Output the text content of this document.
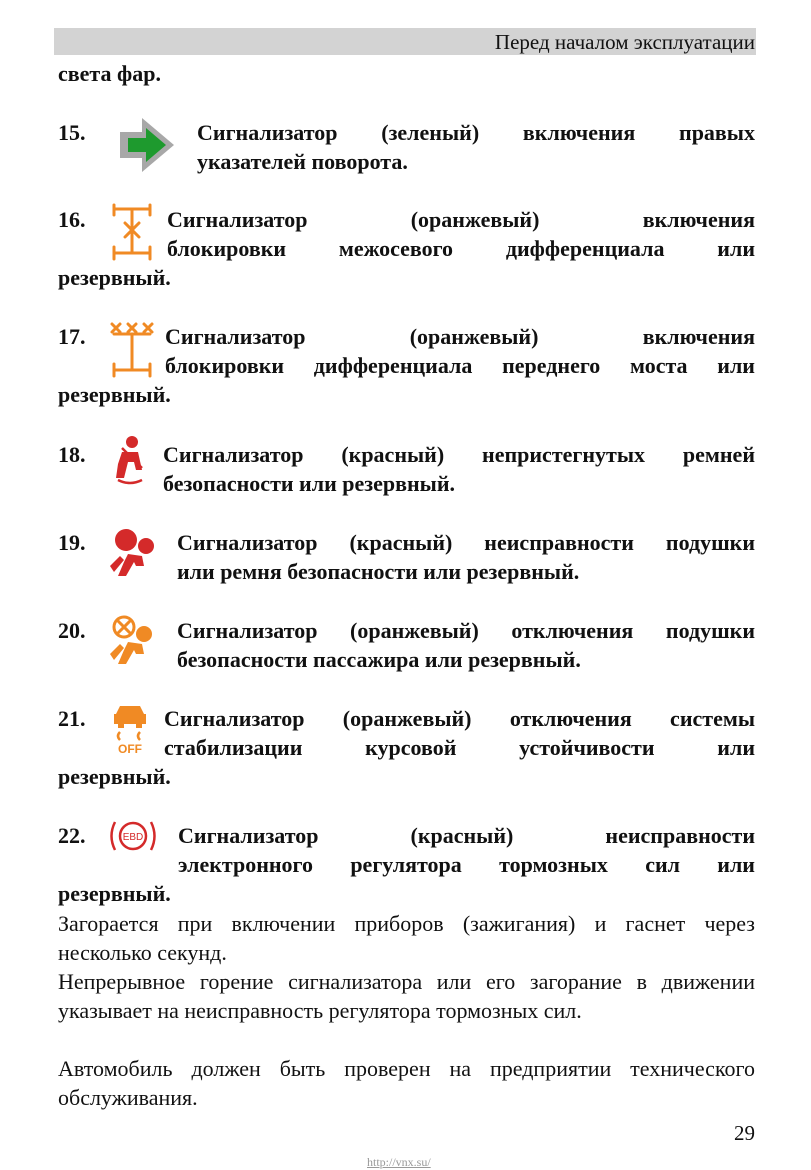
Перед началом эксплуатации
света фар.
15.	Сигнализатор (зеленый) включения правых
указателей поворота.
16.	Сигнализатор (оранжевый) включения
блокировки межосевого дифференциала или
резервный.
17.	Сигнализатор (оранжевый) включения
блокировки дифференциала переднего моста или
резервный.
18.	Сигнализатор (красный) непристегнутых ремней
безопасности или резервный.
19.	Сигнализатор (красный) неисправности подушки
или ремня безопасности или резервный.
20.	Сигнализатор (оранжевый) отключения подушки
безопасности пассажира или резервный.
21.
OFF
Сигнализатор (оранжевый) отключения системы
стабилизации курсовой устойчивости или
резервный.
22.	EBD Сигнализатор (красный) неисправности
электронного регулятора тормозных сил или
резервный.
Загорается при включении приборов (зажигания) и гаснет через несколько секунд.
Непрерывное горение сигнализатора или его загорание в движении указывает на неисправность регулятора тормозных сил.
Автомобиль должен быть проверен на предприятии технического обслуживания.
29
http://vnx.su/
